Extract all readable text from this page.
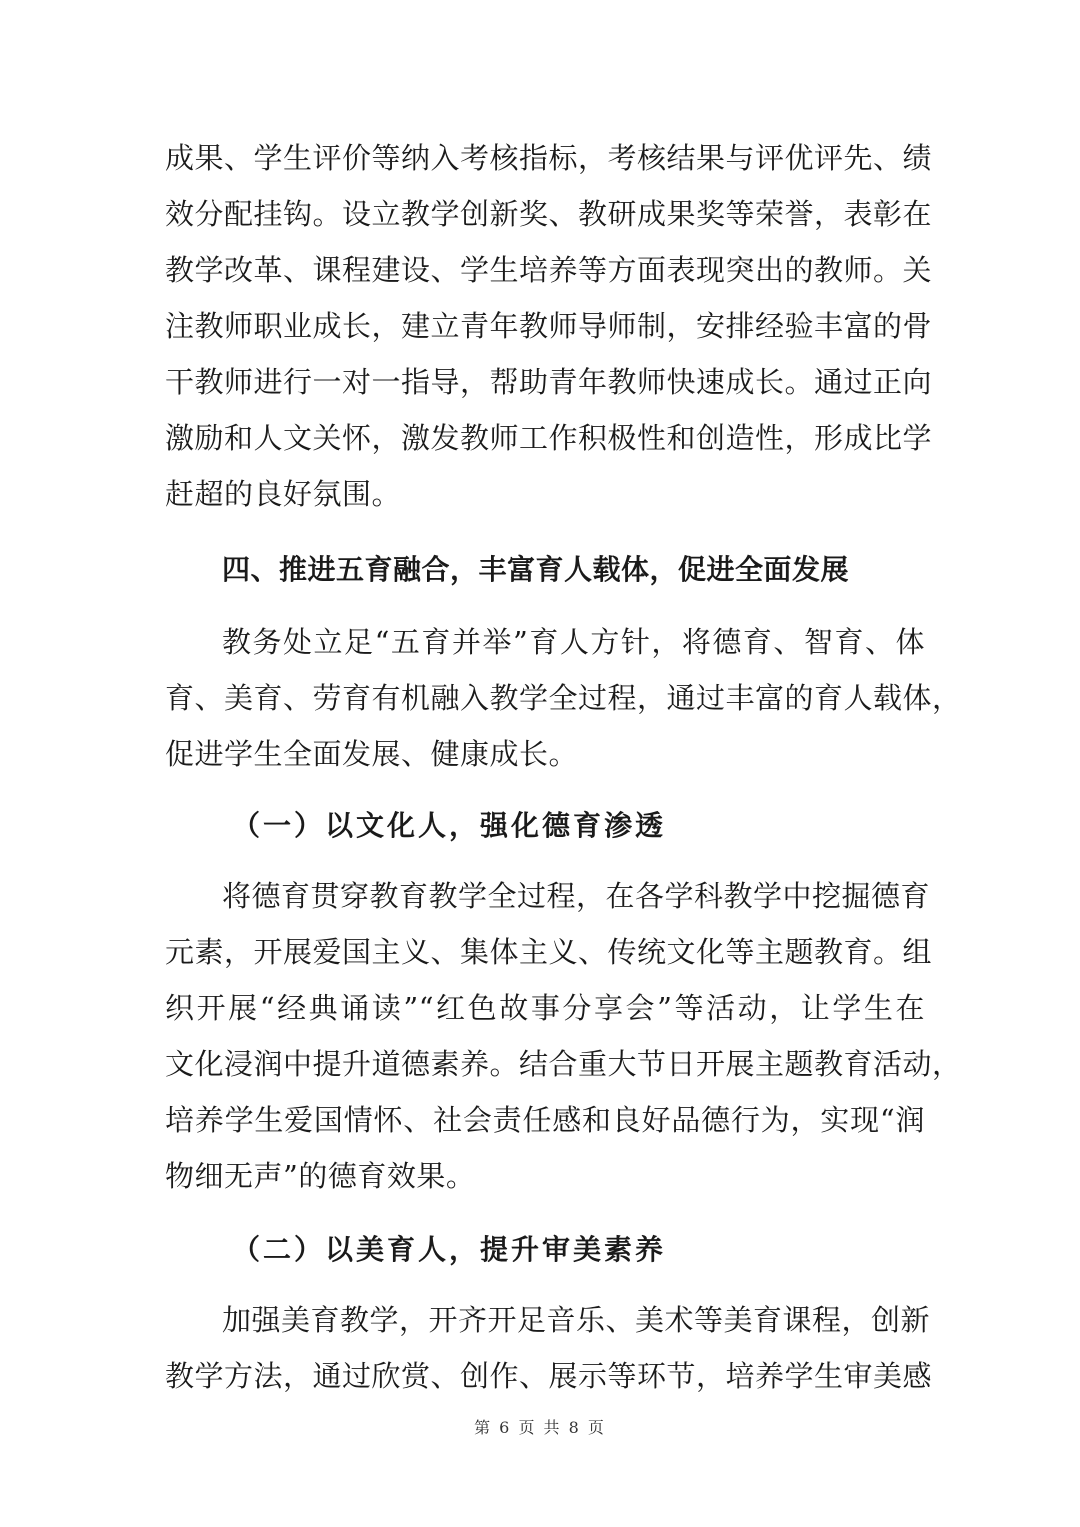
成果、学生评价等纳入考核指标，考核结果与评优评先、绩
效分配挂钩。设立教学创新奖、教研成果奖等荣誉，表彰在
教学改革、课程建设、学生培养等方面表现突出的教师。关
注教师职业成长，建立青年教师导师制，安排经验丰富的骨
干教师进行一对一指导，帮助青年教师快速成长。通过正向
激励和人文关怀，激发教师工作积极性和创造性，形成比学
赶超的良好氛围。
四、推进五育融合，丰富育人载体，促进全面发展
教务处立足“五育并举”育人方针，将德育、智育、体
育、美育、劳育有机融入教学全过程，通过丰富的育人载体，
促进学生全面发展、健康成长。
（一）以文化人，强化德育渗透
将德育贯穿教育教学全过程，在各学科教学中挖掘德育
元素，开展爱国主义、集体主义、传统文化等主题教育。组
织开展“经典诵读”“红色故事分享会”等活动，让学生在
文化浸润中提升道德素养。结合重大节日开展主题教育活动，
培养学生爱国情怀、社会责任感和良好品德行为，实现“润
物细无声”的德育效果。
（二）以美育人，提升审美素养
加强美育教学，开齐开足音乐、美术等美育课程，创新
教学方法，通过欣赏、创作、展示等环节，培养学生审美感
第 6 页 共 8 页
